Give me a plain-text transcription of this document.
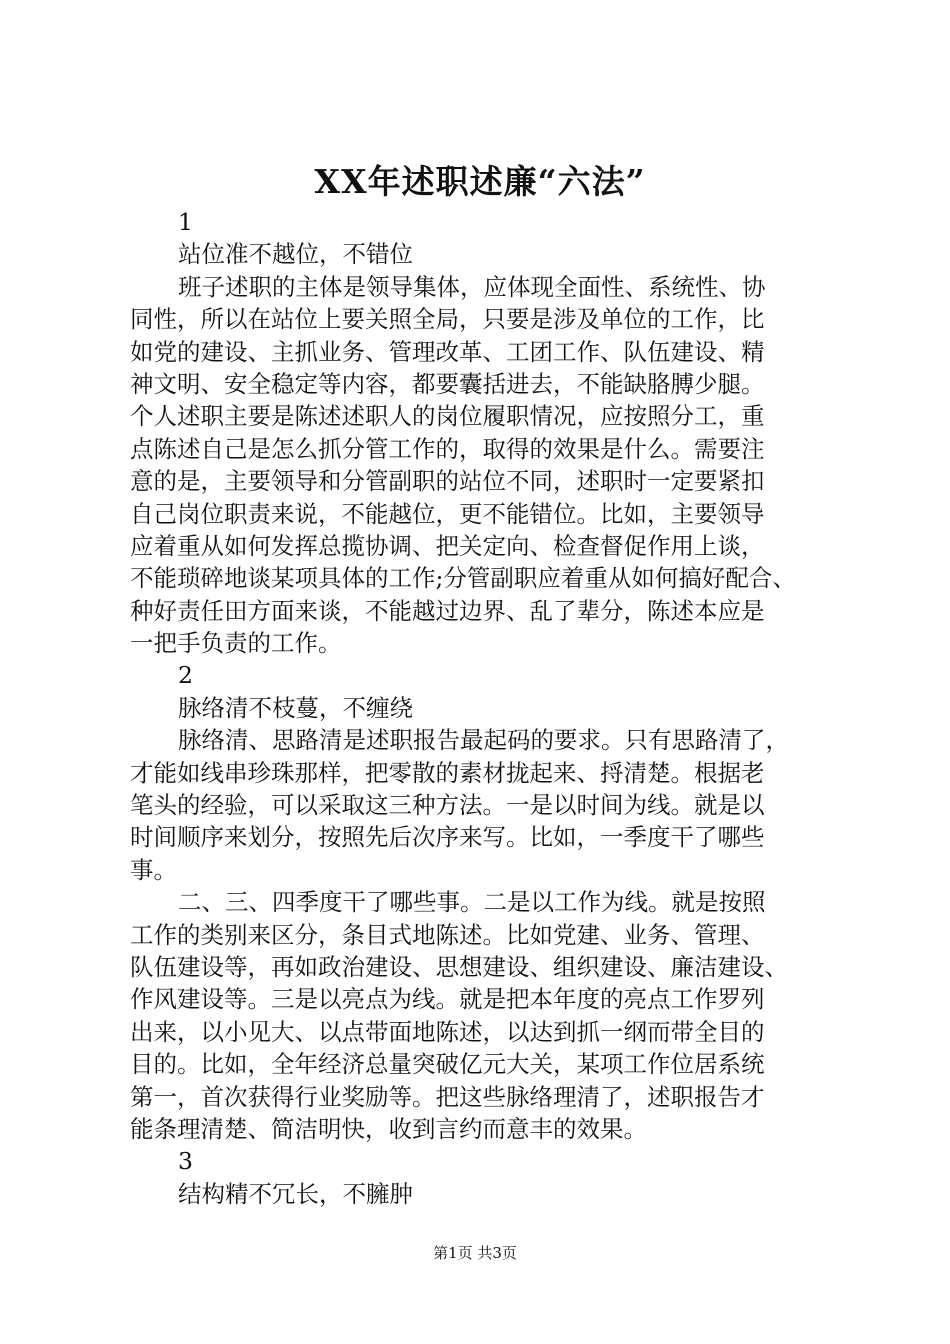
XX年述职述廉“六法”
1
站位准不越位，不错位
班子述职的主体是领导集体，应体现全面性、系统性、协
同性，所以在站位上要关照全局，只要是涉及单位的工作，比
如党的建设、主抓业务、管理改革、工团工作、队伍建设、精
神文明、安全稳定等内容，都要囊括进去，不能缺胳膊少腿。
个人述职主要是陈述述职人的岗位履职情况，应按照分工，重
点陈述自己是怎么抓分管工作的，取得的效果是什么。需要注
意的是，主要领导和分管副职的站位不同，述职时一定要紧扣
自己岗位职责来说，不能越位，更不能错位。比如，主要领导
应着重从如何发挥总揽协调、把关定向、检查督促作用上谈，
不能琐碎地谈某项具体的工作;分管副职应着重从如何搞好配合、
种好责任田方面来谈，不能越过边界、乱了辈分，陈述本应是
一把手负责的工作。
2
脉络清不枝蔓，不缠绕
脉络清、思路清是述职报告最起码的要求。只有思路清了，
才能如线串珍珠那样，把零散的素材拢起来、捋清楚。根据老
笔头的经验，可以采取这三种方法。一是以时间为线。就是以
时间顺序来划分，按照先后次序来写。比如，一季度干了哪些
事。
二、三、四季度干了哪些事。二是以工作为线。就是按照
工作的类别来区分，条目式地陈述。比如党建、业务、管理、
队伍建设等，再如政治建设、思想建设、组织建设、廉洁建设、
作风建设等。三是以亮点为线。就是把本年度的亮点工作罗列
出来，以小见大、以点带面地陈述，以达到抓一纲而带全目的
目的。比如，全年经济总量突破亿元大关，某项工作位居系统
第一，首次获得行业奖励等。把这些脉络理清了，述职报告才
能条理清楚、简洁明快，收到言约而意丰的效果。
3
结构精不冗长，不臃肿
第1页 共3页
